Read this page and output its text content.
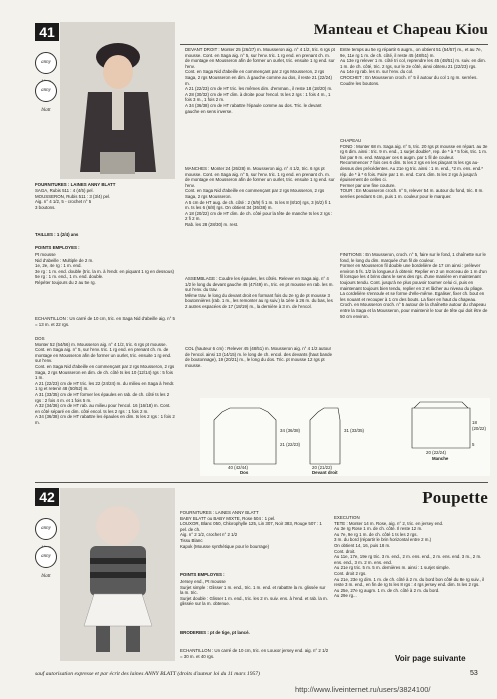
41	Manteau et Chapeau Kiou
anny
anny blatt
FOURNITURES : LAINES ANNY BLATT
SAGA, Rubis 511 : 4 (4/5) pel.
MOUSSERON, Rubis 511 : 3 (3/4) pel.
Aig. n° 4 1/2, 5 - crochet n° 5
3 boutons.
TAILLES : 1 (2/4) ans
POINTS EMPLOYES :
Pt mousse
Nid d'abeille : Multiple de 2 m.
1e, 2e, 4e rg : 1 m. end.
3e rg : 1 m. end. double (tric. la m. à l'endr. en piquant 1 rg en dessous)
5e rg : 1 m. end., 1 m. end. double.
Répéter toujours du 2 au 5e rg.
ECHANTILLON : Un carré de 10 cm, tric. en Saga Nid d'abeille aig. n° 5 = 13 m. et 22 rgs.
DOS
Monter 52 (54/56) m. Mousseron aig. n° 4 1/2, tric. 6 rgs pt mousse. Cont. en Saga aig. n° 5, sur l'env. tric. 1 rg end. en prenant ch. m. de montage en Mousseron afin de former un ourlet, tric. ensuite 1 rg end. sur l'env.
Cont. en Saga Nid d'abeille en commençant par 2 rgs Mousseron, 2 rgs Saga, 2 rgs Mousseron en dim. de ch. côté ts les 10 (12/14) rgs : 5 fois 1 m.
A 21 (22/23) cm de HT tric. les 22 (24/24) m. du milieu en Saga à l'endr. 1 rg et retenir 48 (50/52) m.
A 31 (33/35) cm de HT former les épaules en rab. de ch. côté ts les 2 rgs : 2 fois 4 m. et 1 fois 5 m.
A 32 (34/36) cm de HT rab. au milieu pour l'encol. 16 (16/18) m. Cont. en côté séparé en dim. côté encol. ts les 2 rgs : 1 fois 2 m.
A 34 (36/38) cm de HT rabattre les épaules en dim. ts les 2 rgs : 1 fois 2 m.
DEVANT DROIT : Monter 25 (26/27) m. Mousseron aig. n° 4 1/2, tric. 6 rgs pt mousse. Cont. en Saga aig. n° 5, sur l'env. tric. 1 rg end. en prenant ch. m. de montage en Mousseron afin de former un ourlet, tric. ensuite 1 rg end. sur l'env.
Cont. en Saga Nid d'abeille en commençant par 2 rgs Mousseron, 2 rgs Saga, 2 rgs Mousseron en dim. à gauche comme au dos, il reste 21 (22/24) m.
A 21 (22/23) cm de HT tric. les mêmes dim. d'emman., il reste 18 (18/20) m.
A 28 (30/32) cm de HT dim. à droite pour l'encol. ts les 2 rgs : 1 fois 4 m., 1 fois 3 m., 1 fois 2 m.
A 34 (36/38) cm de HT rabattre l'épaule comme au dos. Tric. le devant gauche en sens inverse.
MANCHES : Monter 24 (26/28) m. Mousseron aig. n° 4 1/2, tric. 6 rgs pt mousse. Cont. en Saga aig. n° 5, sur l'env. tric. 1 rg end. en prenant ch. m. de montage en Mousseron afin de former un ourlet, tric. ensuite 1 rg end. sur l'env.
Cont. en Saga Nid d'abeille en commençant par 2 rgs Mousseron, 2 rgs Saga, 2 rgs Mousseron.
A 5 cm de HT aug. de ch. côté : 2 (5/9) fi 1 m. ts les 8 (8/10) rgs, 3 (6/2) fi 1 m. ts les 6 (6/8) rgs. On obtient 34 (36/38) m.
A 18 (20/22) cm de HT dim. de ch. côté pour la tête de manche ts les 2 rgs : 2 fi 2 m.
Rab. les 28 (28/30) m. rest.
ASSEMBLAGE : Coudre les épaules, les côtés. Relever en Saga aig. n° 4 1/2 le long du devant gauche 45 (47/49) m., tric. en pt mousse en rab. les m. sur l'env. du trav.
Même trav. le long du devant droit en formant fois du 2e rg de pt mousse 3 boutonnières (rab. 1 m., les remonter au rg suiv.) la 1ère à 26 m. du bas, les 2 autres espacées de 17 (18/19) m., la dernière à 3 m. de l'encol.
COL (hauteur 6 cm) : Relever 45 (48/51) m. Mousseron aig. n° 4 1/2 autour de l'encol. ainsi 13 (14/15) m. le long de ch. encol. des devants (haut bande de boutonnage), 19 (20/21) m., le long du dos. Tric. pt mousse 12 rgs pt mousse.
Entre temps au 5e rg répartir 6 augm., on obtient 51 (54/57) m., et au 7e, 9e, 11e rg 1 m. de ch. côté, il reste 45 (48/51) m.
Au 13e rg relever 1 m. côté tri col, reprendre les 45 (48/51) m. suiv. en dim. 1 m. de ch. côté, tric. 2 rgs, sur le 2e côté, ainsi obtenu 21 (22/23) rgs.
Au 14e rg rab. les m. sur l'env. du col.
CROCHET : En Mousseron croch. n° 5 il autour du col 1 rg m. serrées.
Coudre les boutons.
CHAPEAU
FOND : Monter 68 m. Saga aig. n° 5, tric. 20 rgs pt mousse en répart. au 3e rg 6 dim. ainsi : tric. 9 m. end., 1 surjet double*, rep. de * à * 5 fois, tric. 1 m. fair par 9 m. end. Marquer ces 6 augm. par 1 fil de couleur.
Recommencer 7 fois ces 6 dim. ts les 2 rgs en les plaçant ts les rgs au-dessus des précédentes. Au 21e rg tric. ainsi : 1 m. end., *2 m. ens. end.* rép. de * à * 6 fois. Faire par 1 m. end. Cont. dim. ts les 2 rgs à jusqu'à épuisement de celles ci.
Fermer par une fine couture.
TOUR : En Mousseron croch. n° 5, relever 54 m. autour du fond, tric. 8 m. serrées pendant 6 cm, puis 1 m. couleur pour le marquer.
FINITIONS : En Mousseron, croch. n° 5, faire sur le fond, 1 chaînette sur le fond, le long du dim. marquée d'un fil de couleur.
Former en Mousseron fil double une bordelière de 17 cm ainsi : prélever environ 5 fs. 1/2 la longueur à obtenir. Replier en 2 un morceau de 1 m d'un fil lorsque les 4 brins dans le sens des rgs. d'une manière en maintenant toujours tendu. Cont. jusqu'à ne plus pouvoir tourner celui ci, puis en maintenant toujours bien tendu, replier en 2 et lâcher au niveau du pliage. La cordelière s'enroule et se forme d'elle-même. Egaliser, fixer ch. bout en les nouant et recouper à 1 cm des bouts. La fixer en haut du chapeau. Croch. en Mousseron croch. n° 5 autour de la chaînette autour du chapeau entre la Saga et la Mousseron, pour maintenir le tour de tête qui doit être de 50 cm environ.
40 (42/44)
Dos
20 (21/22)
Devant droit
20 (22/24)
Manche
34 (36/38)
21 (22/23)
31 (33/35)
18 (20/22)
5
42	Poupette
anny
anny blatt
FOURNITURES : LAINES ANNY BLATT
BABY BLATT ou BABY MIXTE, Rose 504 : 1 pel.
LOUXOR, Blanc 050, Chlorophylle 125, Lin 307, Noir 383, Rouge 507 : 1 pel. de ch.
Aig. n° 2 1/2, crochet n° 2 1/2
Tissu Blanc
Kapok (Mousse synthétique pour le bourrage)
POINTS EMPLOYES :
Jersey end., Pt mousse
Surjet simple : Glisser 1 m. end., tric. 1 m. end. et rabattre la m. glissée sur la m. tric.
Surjet double : Glisser 1 m. end., tric. les 2 m. suiv. ens. à l'end. et rab. la m. glissée sur la m. obtenue.
BRODERIES : pt de tige, pt lancé.
ECHANTILLON : Un carré de 10 cm, tric. en Louxor jersey end. aig. n° 2 1/2 = 30 m. et 40 rgs.
EXECUTION
TETE : Monter 14 m. Rose, aig. n° 2, tric. en jersey end.
Au 3e rg Rose 1 m. de ch. côté. Il reste 12 m.
Au 7e, 9e rg 1 m. de ch. côté 1 ts les 2 rgs.
3 m. du bord (répartir le brin horizontal entre 2 m.)
On obtient 14, 16, puis 18 m.
Cont. droit.
Au 11e, 17e, 19e rg tric. 3 m. end., 2 m. ens. end., 2 m. ens. end. 3 m., 2 m. ens. end., 3 m. 2 m. ens. end.
Au 21e rg tric. 5 m. 5 m. dernières m. ainsi : 1 surjet simple.
Cont. droit 2 rgs.
Au 21e, 23e rg dim. 1 m. de ch. côté à 2 m. du bord bon côté du 8e rg suiv., il reste 3 m. end., en fin de rg ts les 8 rgs : 4 rgs jersey end. dim. ts les 2 rgs.
Au 25e, 27e rg augm. 1 m. de ch. côté à 2 m. du bord.
Au 29e rg...
Voir page suivante
sauf autorisation expresse et par écrit des laines ANNY BLATT (droits d'auteur loi du 11 mars 1957)	53
http://www.liveinternet.ru/users/3824100/
